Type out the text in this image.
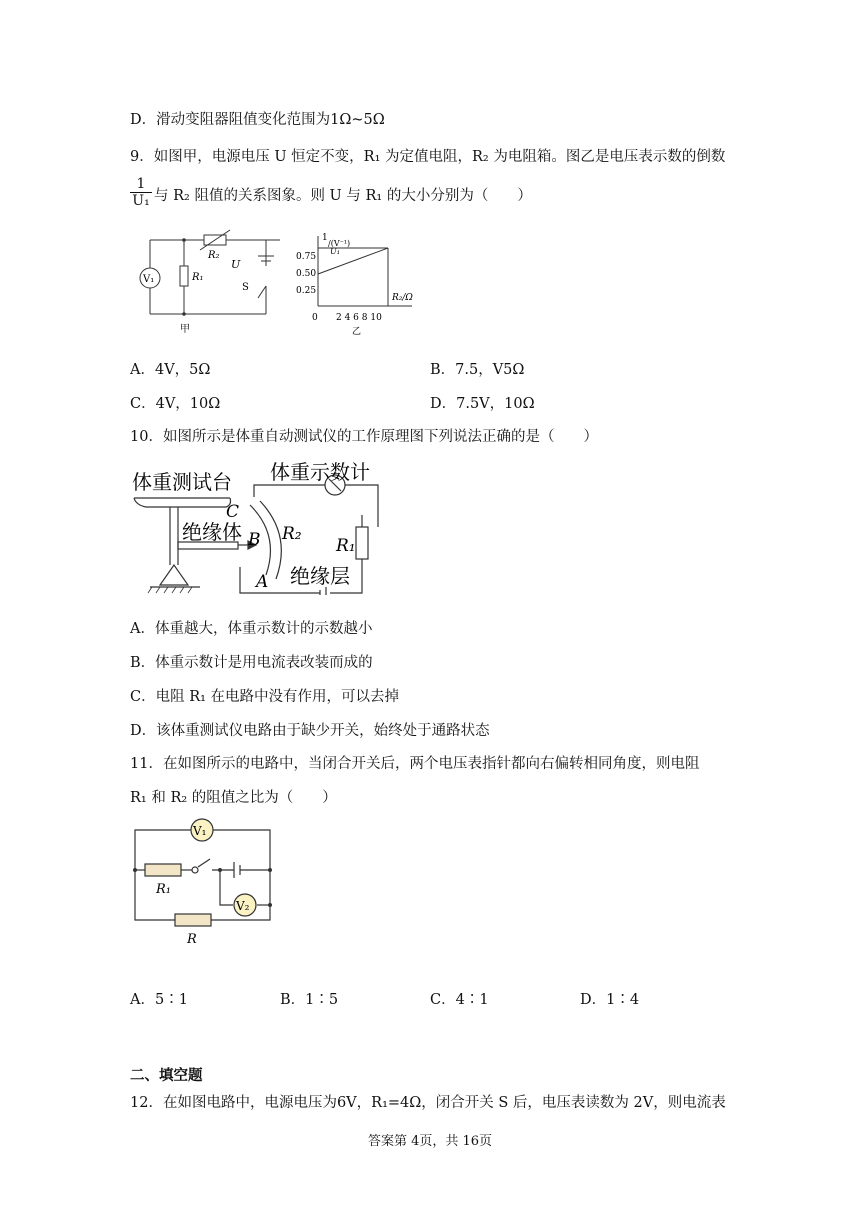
D．滑动变阻器阻值变化范围为1Ω~5Ω
9．如图甲，电源电压 U 恒定不变，R₁ 为定值电阻，R₂ 为电阻箱。图乙是电压表示数的倒数
$\frac{1}{\text{U₁}}$ 与 R₂ 阻值的关系图象。则 U 与 R₁ 的大小分别为（　　）
V₁
R₂
U
R₁
S
甲
1
/(V⁻¹)
U₁
0.75
0.50
0.25
0 2 4 6 8 10
R₂/Ω
乙
A．4V，5Ω	B．7.5，V5Ω
C．4V，10Ω	D．7.5V，10Ω
10．如图所示是体重自动测试仪的工作原理图下列说法正确的是（　　）
体重测试台 体重示数计
绝缘体
绝缘层
C
B
A
R₂
R₁
A．体重越大，体重示数计的示数越小
B．体重示数计是用电流表改装而成的
C．电阻 R₁ 在电路中没有作用，可以去掉
D．该体重测试仪电路由于缺少开关，始终处于通路状态
11．在如图所示的电路中，当闭合开关后，两个电压表指针都向右偏转相同角度，则电阻
R₁ 和 R₂ 的阻值之比为（　　）
V₁
V₂
R₁
R
A．5∶1	B．1∶5	C．4∶1	D．1∶4
二、填空题
12．在如图电路中，电源电压为6V，R₁=4Ω，闭合开关 S 后，电压表读数为 2V，则电流表
答案第 4页，共 16页
